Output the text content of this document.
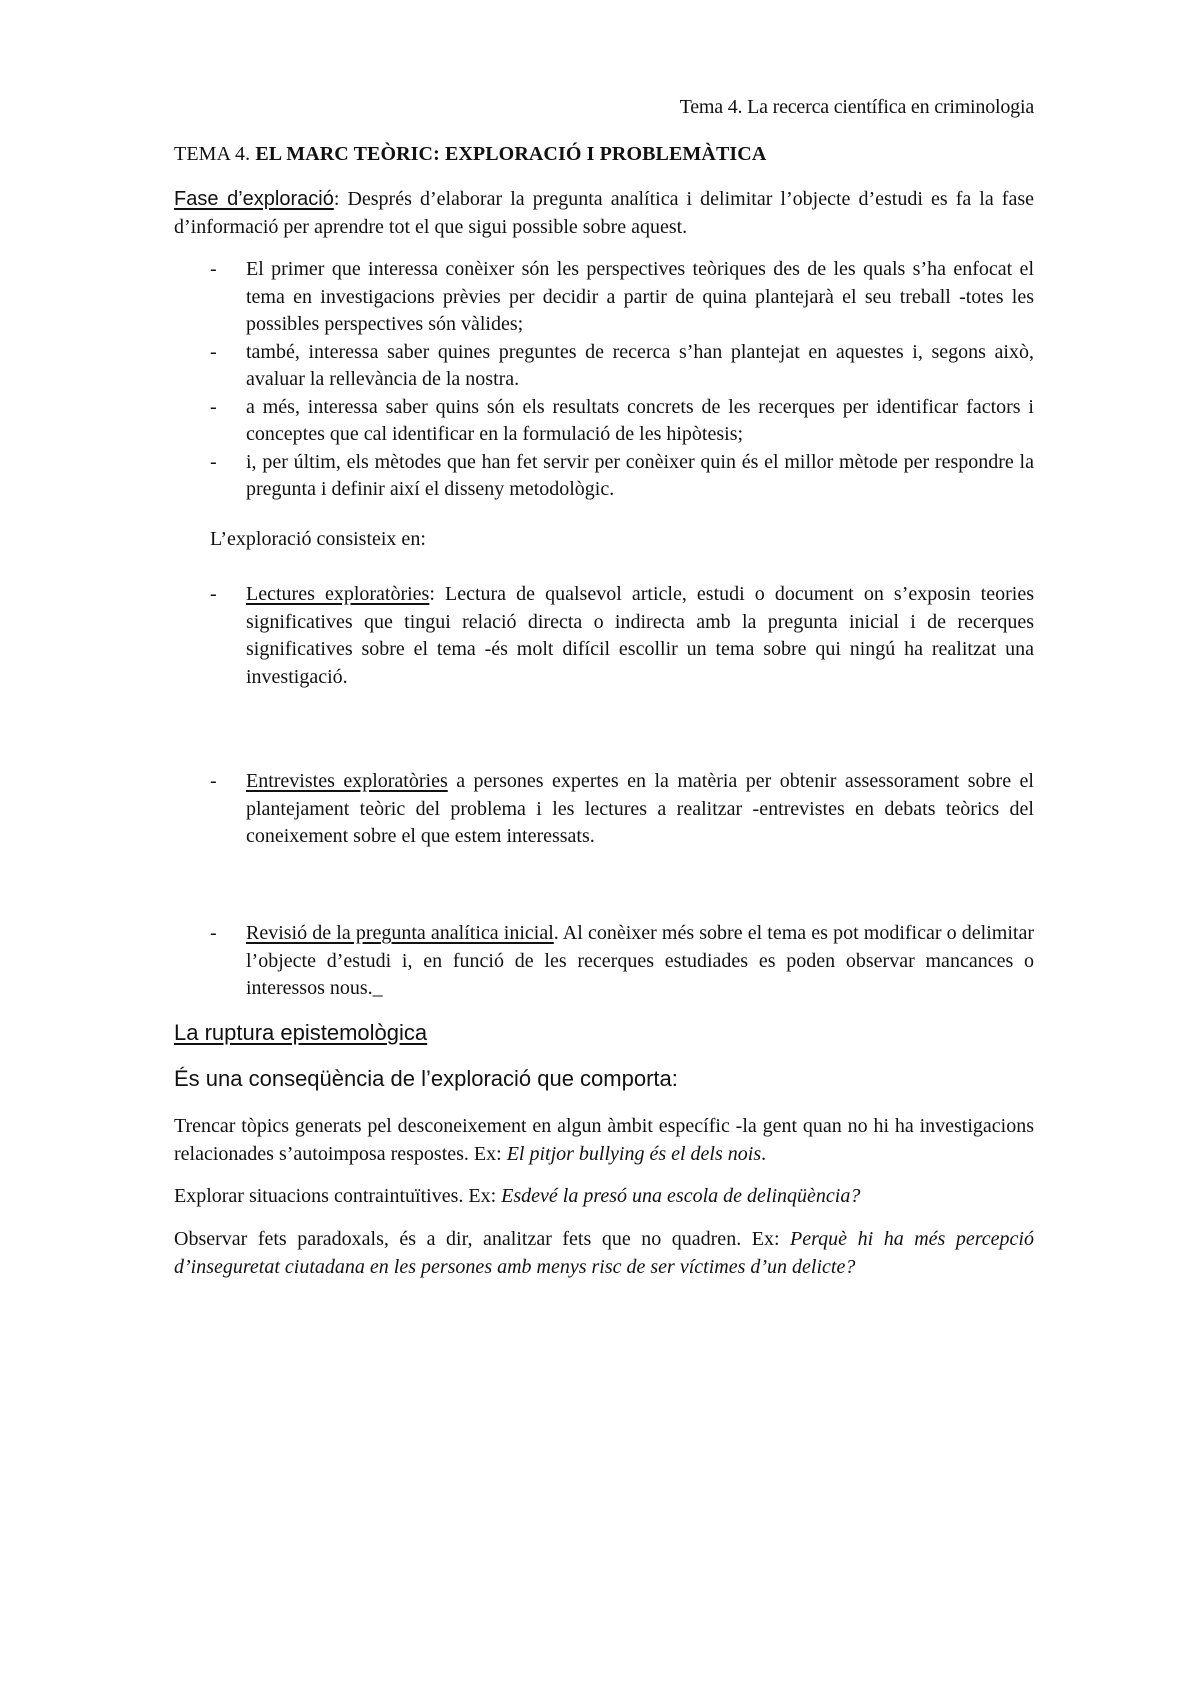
Tema 4. La recerca científica en criminologia
TEMA 4. EL MARC TEÒRIC: EXPLORACIÓ I PROBLEMÀTICA
Fase d’exploració: Després d’elaborar la pregunta analítica i delimitar l’objecte d’estudi es fa la fase d’informació per aprendre tot el que sigui possible sobre aquest.
- El primer que interessa conèixer són les perspectives teòriques des de les quals s’ha enfocat el tema en investigacions prèvies per decidir a partir de quina plantejarà el seu treball -totes les possibles perspectives són vàlides;
- també, interessa saber quines preguntes de recerca s’han plantejat en aquestes i, segons això, avaluar la rellevància de la nostra.
- a més, interessa saber quins són els resultats concrets de les recerques per identificar factors i conceptes que cal identificar en la formulació de les hipòtesis;
- i, per últim, els mètodes que han fet servir per conèixer quin és el millor mètode per respondre la pregunta i definir així el disseny metodològic.
L’exploració consisteix en:
- Lectures exploratòries: Lectura de qualsevol article, estudi o document on s’exposin teories significatives que tingui relació directa o indirecta amb la pregunta inicial i de recerques significatives sobre el tema -és molt difícil escollir un tema sobre qui ningú ha realitzat una investigació.
- Entrevistes exploratòries a persones expertes en la matèria per obtenir assessorament sobre el plantejament teòric del problema i les lectures a realitzar -entrevistes en debats teòrics del coneixement sobre el que estem interessats.
- Revisió de la pregunta analítica inicial. Al conèixer més sobre el tema es pot modificar o delimitar l’objecte d’estudi i, en funció de les recerques estudiades es poden observar mancances o interessos nous._
La ruptura epistemològica
És una conseqüència de l’exploració que comporta:
Trencar tòpics generats pel desconeixement en algun àmbit específic -la gent quan no hi ha investigacions relacionades s’autoimposa respostes. Ex: El pitjor bullying és el dels nois.
Explorar situacions contraintuïtives. Ex: Esdevé la presó una escola de delinqüència?
Observar fets paradoxals, és a dir, analitzar fets que no quadren. Ex: Perquè hi ha més percepció d’inseguretat ciutadana en les persones amb menys risc de ser víctimes d’un delicte?
